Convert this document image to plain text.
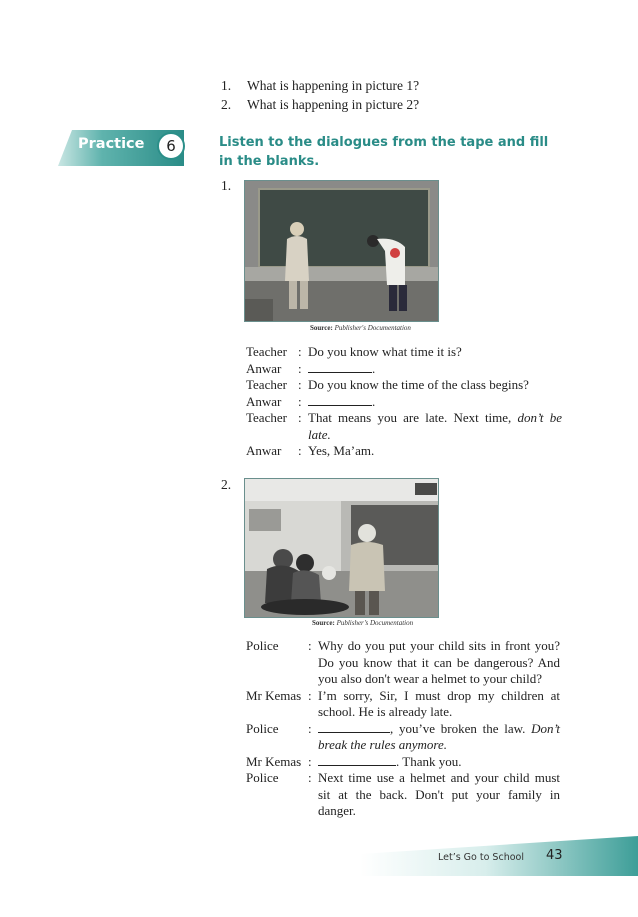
1. What is happening in picture 1?
2. What is happening in picture 2?
Practice	6	Listen to the dialogues from the tape and fill in the blanks.
1.
Source: Publisher's Documentation
Teacher : Do you know what time it is?
Anwar	:	.
Teacher : Do you know the time of the class begins?
Anwar	:	.
Teacher : That means you are late. Next time, don’t be late.
Anwar	: Yes, Ma’am.
2.
Source: Publisher’s Documentation
Police	: Why do you put your child sits in front you? Do you know that it can be dangerous? And you also don't wear a helmet to your child?
Mr Kemas : I’m sorry, Sir, I must drop my children at school. He is already late.
Police	:	, you’ve broken the law. Don’t break the rules anymore.
Mr Kemas :	. Thank you.
Police	: Next time use a helmet and your child must sit at the back. Don't put your family in danger.
Let’s Go to School 43
